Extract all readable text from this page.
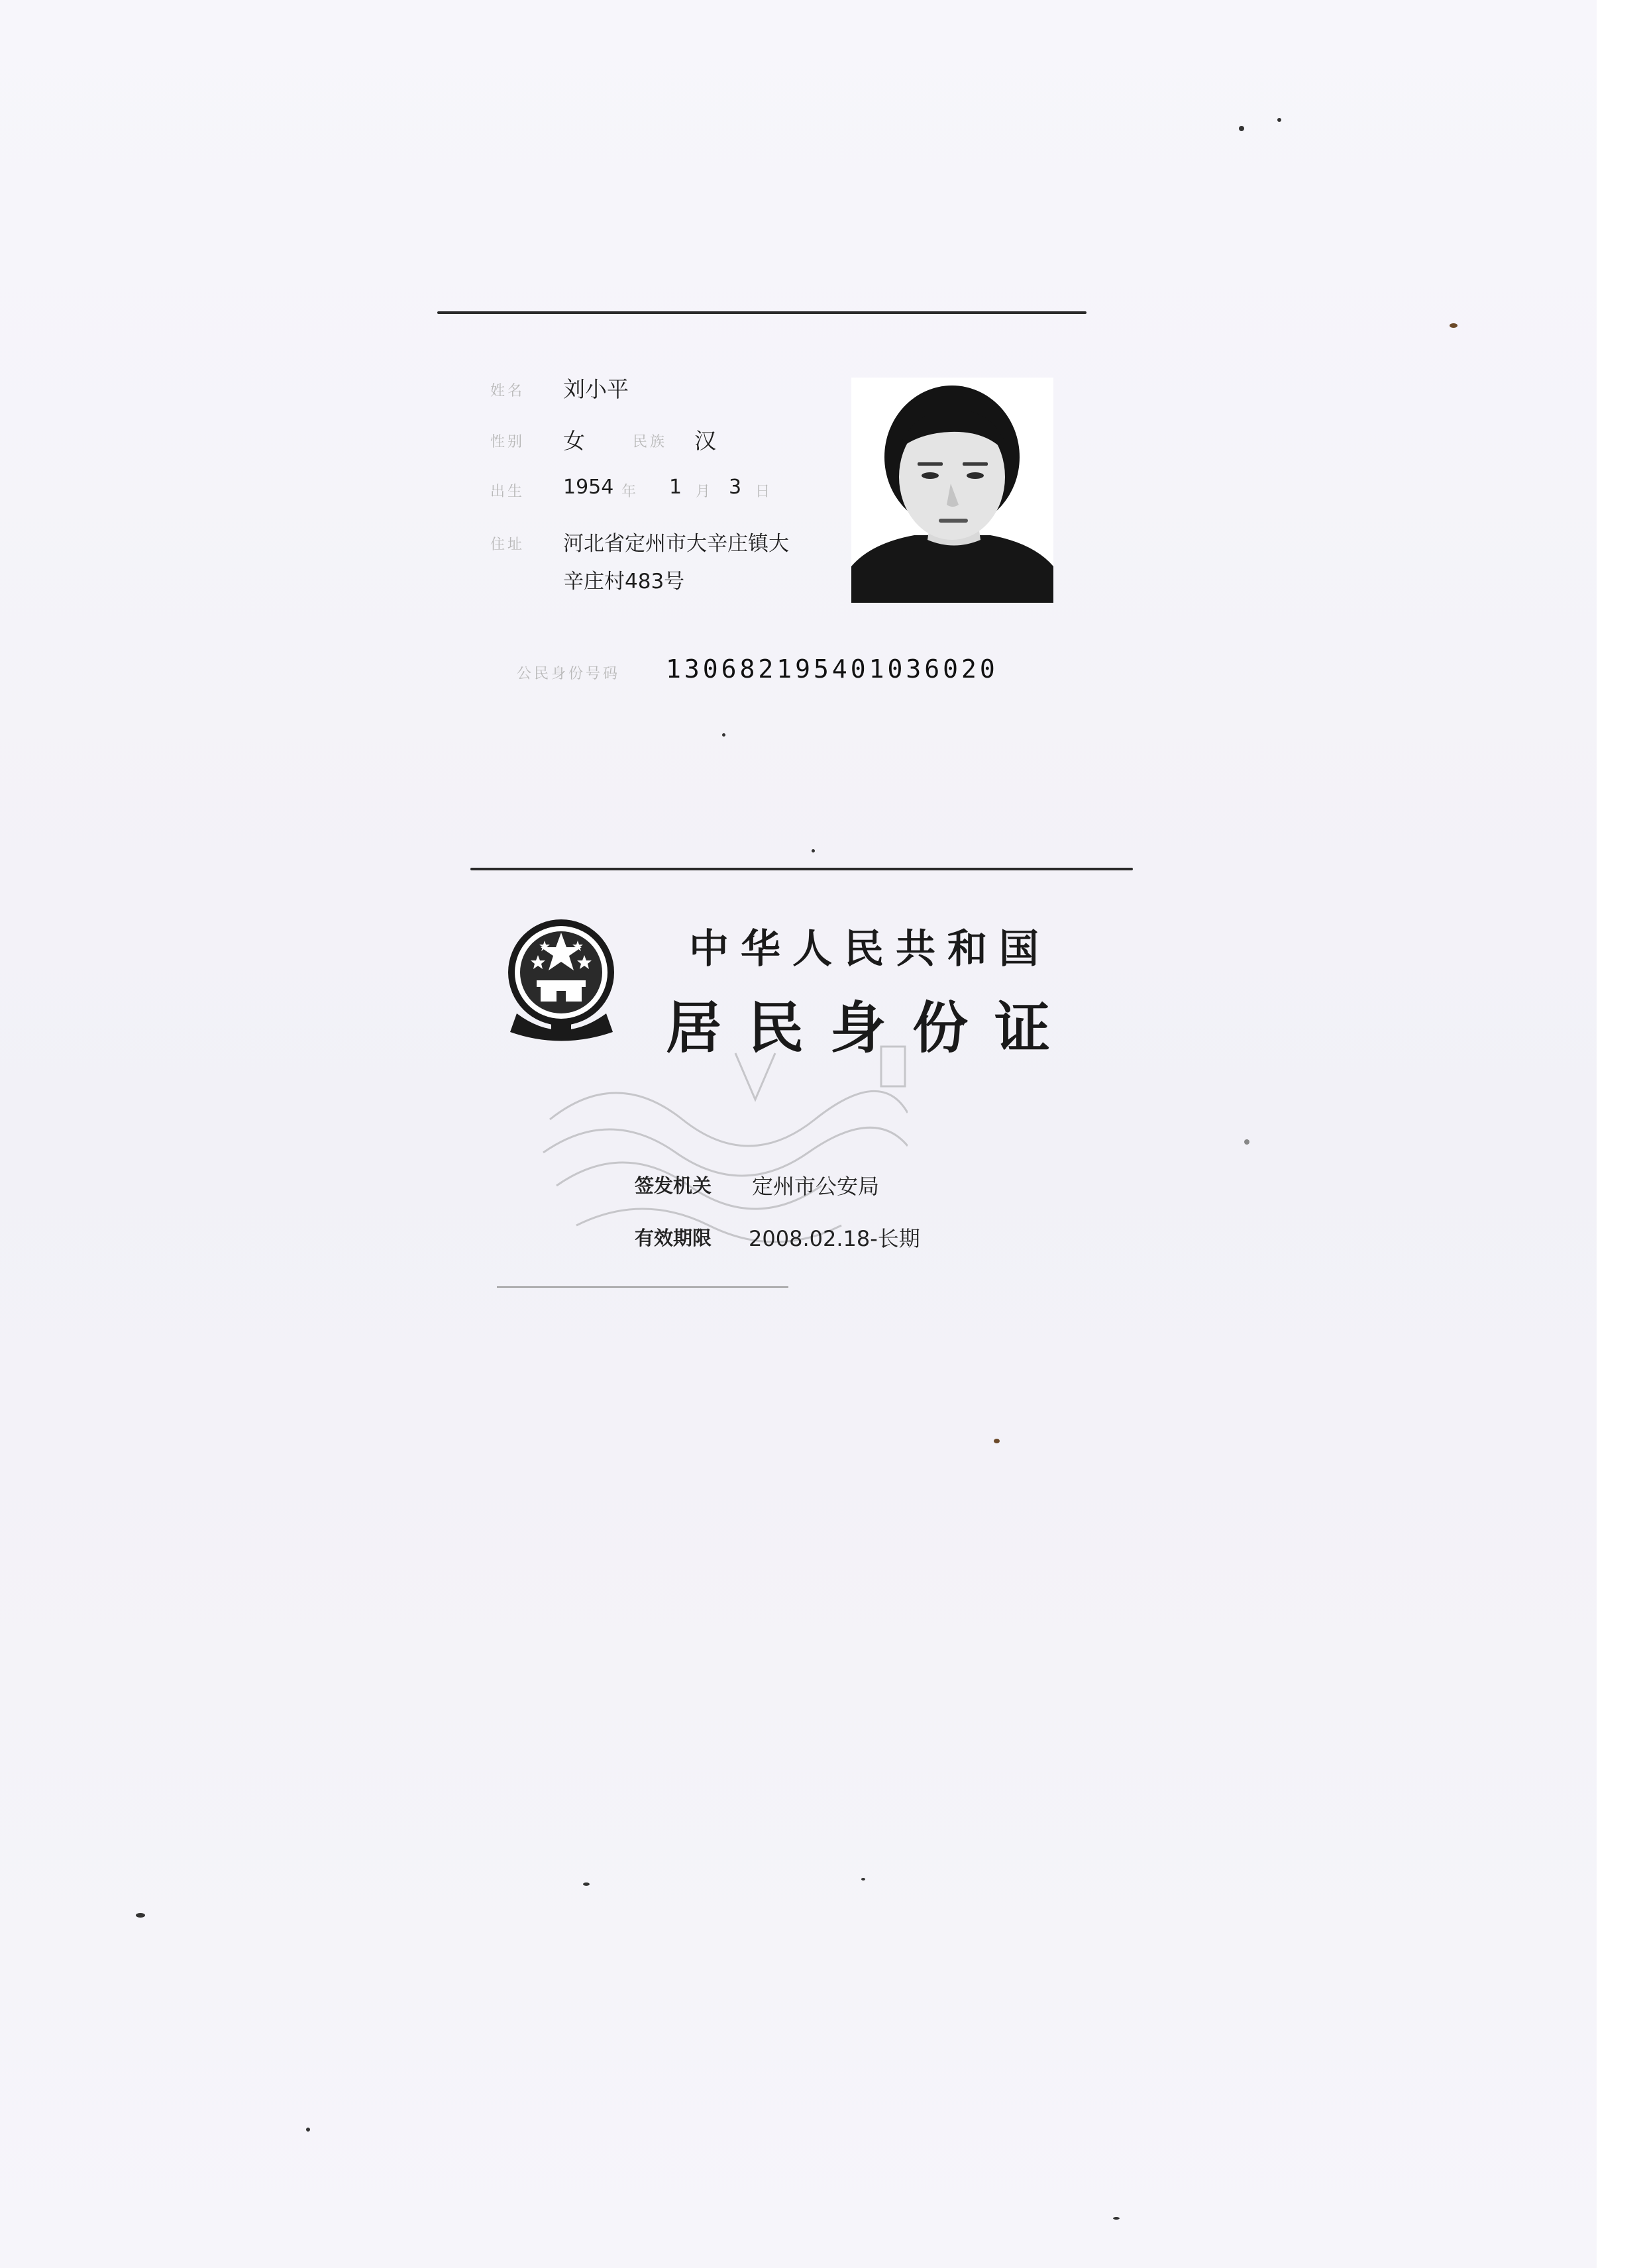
姓名 刘小平
性别 女	民族 汉
出生 1954 年 1 月 3 日
住址 河北省定州市大辛庄镇大
辛庄村483号
公民身份号码 130682195401036020
中华人民共和国
居民身份证
签发机关 定州市公安局
有效期限 2008.02.18-长期
